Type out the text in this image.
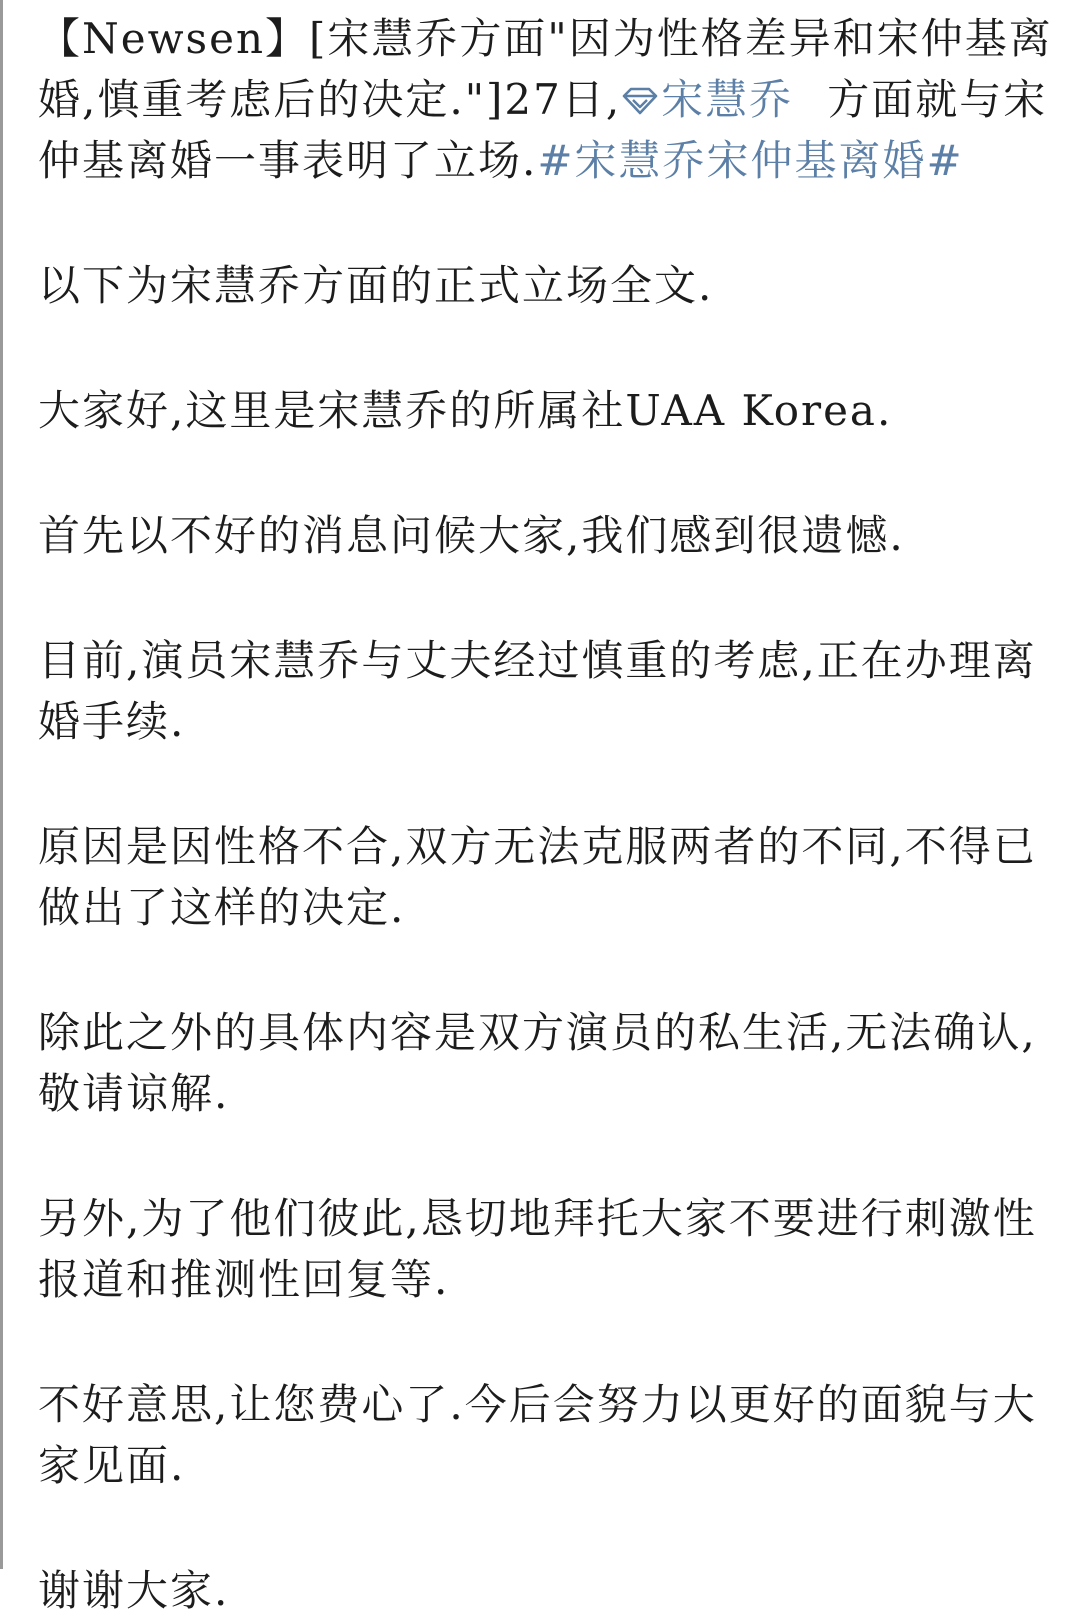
【Newsen】[宋慧乔方面"因为性格差异和宋仲基离婚,慎重考虑后的决定."]27日, 宋慧乔 方面就与宋仲基离婚一事表明了立场.#宋慧乔宋仲基离婚#

以下为宋慧乔方面的正式立场全文.

大家好,这里是宋慧乔的所属社UAA Korea.

首先以不好的消息问候大家,我们感到很遗憾.

目前,演员宋慧乔与丈夫经过慎重的考虑,正在办理离婚手续.

原因是因性格不合,双方无法克服两者的不同,不得已做出了这样的决定.

除此之外的具体内容是双方演员的私生活,无法确认,敬请谅解.

另外,为了他们彼此,恳切地拜托大家不要进行刺激性报道和推测性回复等.

不好意思,让您费心了.今后会努力以更好的面貌与大家见面.

谢谢大家.
